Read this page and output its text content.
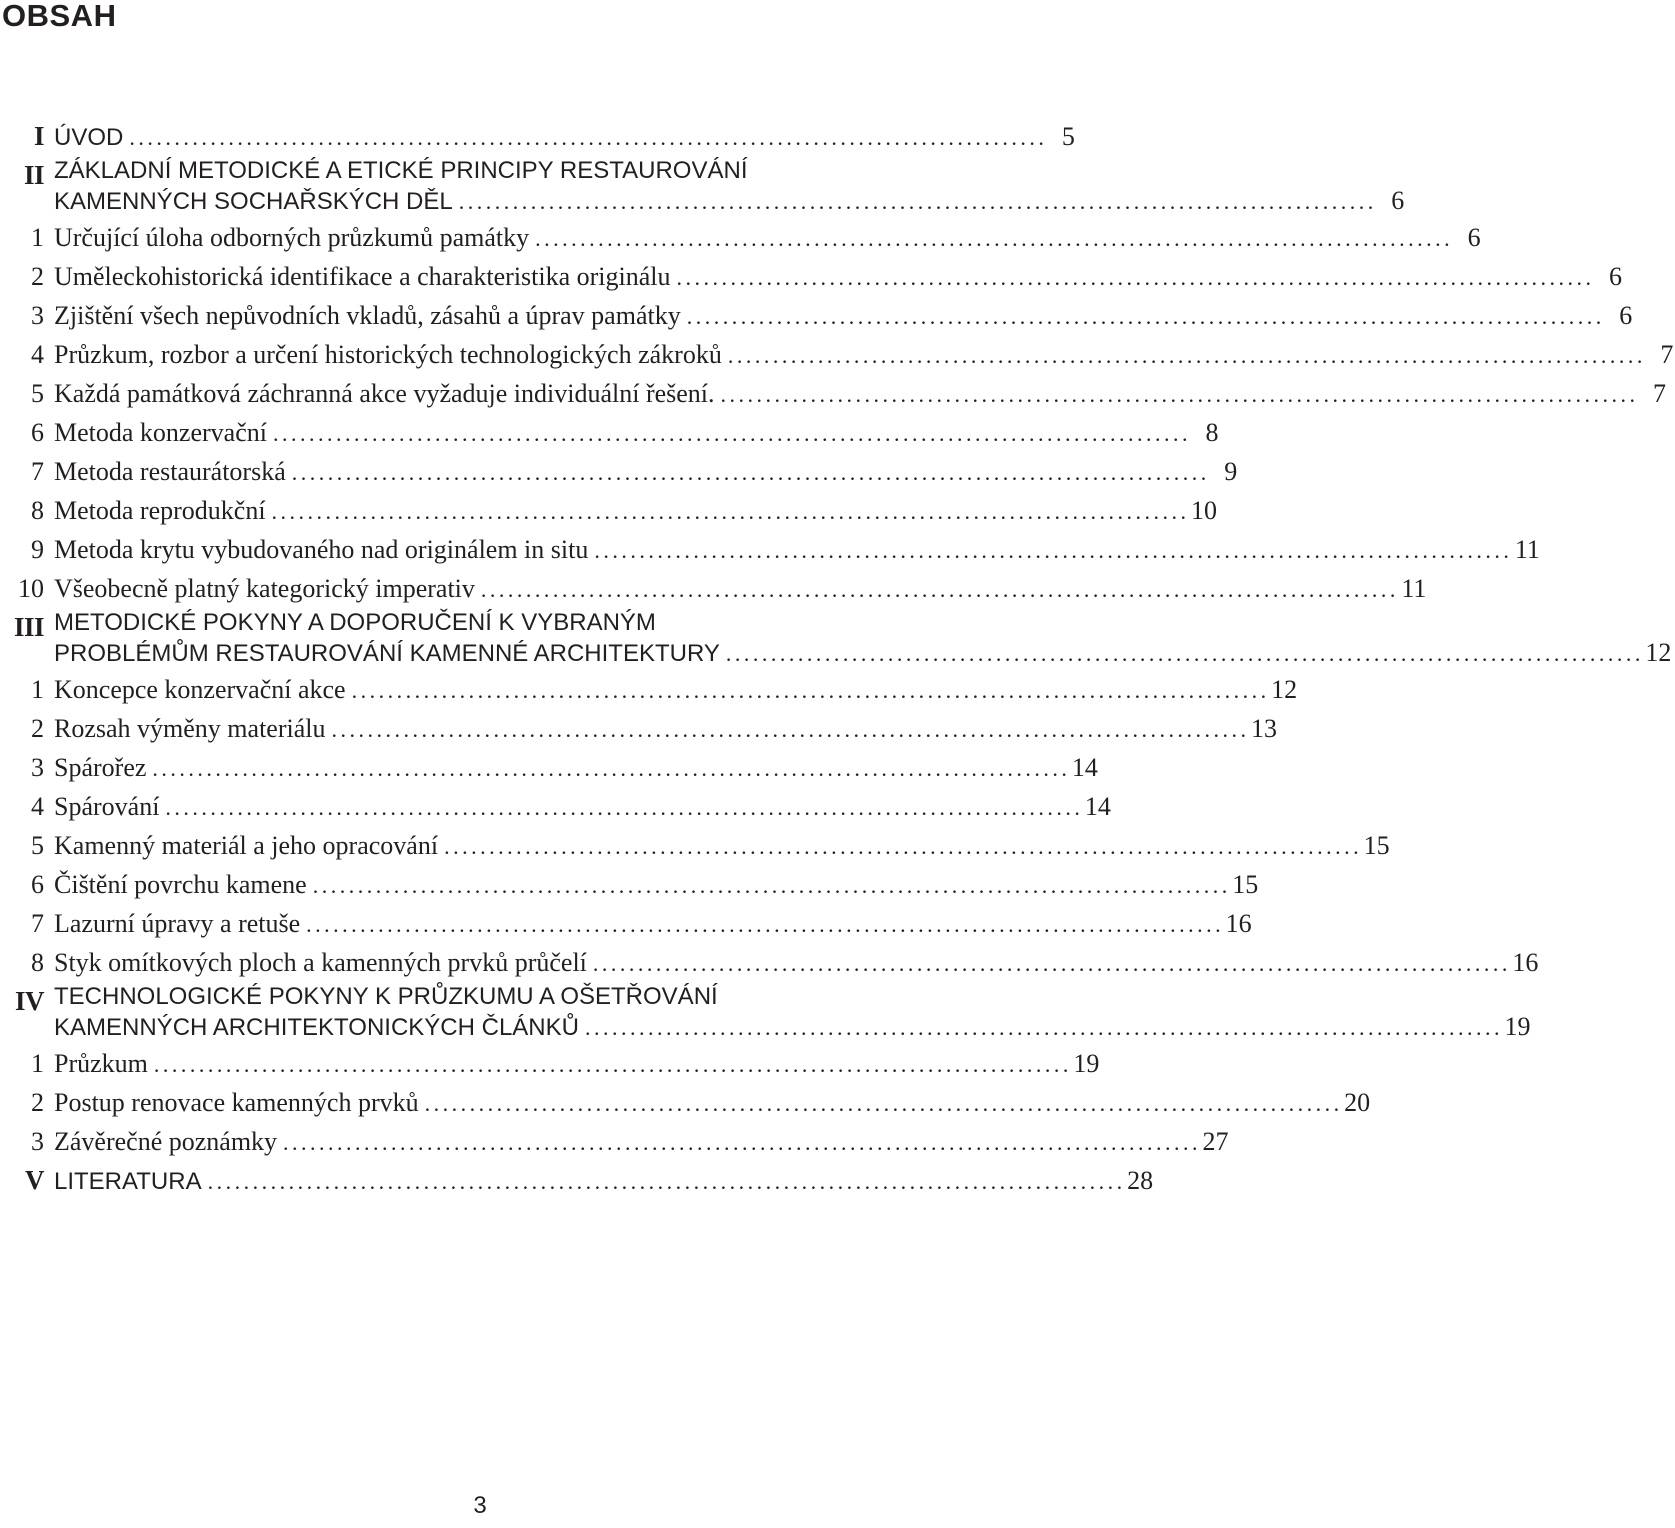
OBSAH
I ÚVOD . . .	5
II ZÁKLADNÍ METODICKÉ A ETICKÉ PRINCIPY RESTAUROVÁNÍ
KAMENNÝCH SOCHAŘSKÝCH DĚL . . .	6
1 Určující úloha odborných průzkumů památky . . .	6
2 Uměleckohistorická identifikace a charakteristika originálu . . .	6
3 Zjištění všech nepůvodních vkladů, zásahů a úprav památky . . .	6
4 Průzkum, rozbor a určení historických technologických zákroků . . .	7
5 Každá památková záchranná akce vyžaduje individuální řešení. . . .	7
6 Metoda konzervační . . .	8
7 Metoda restaurátorská . . .	9
8 Metoda reprodukční . . .	10
9 Metoda krytu vybudovaného nad originálem in situ . . .	11
10 Všeobecně platný kategorický imperativ . . .	11
III METODICKÉ POKYNY A DOPORUČENÍ K VYBRANÝM
PROBLÉMŮM RESTAUROVÁNÍ KAMENNÉ ARCHITEKTURY . . .	12
1 Koncepce konzervační akce . . .	12
2 Rozsah výměny materiálu . . .	13
3 Spárořez . . .	14
4 Spárování . . .	14
5 Kamenný materiál a jeho opracování . . .	15
6 Čištění povrchu kamene . . .	15
7 Lazurní úpravy a retuše . . .	16
8 Styk omítkových ploch a kamenných prvků průčelí . . .	16
IV TECHNOLOGICKÉ POKYNY K PRŮZKUMU A OŠETŘOVÁNÍ
KAMENNÝCH ARCHITEKTONICKÝCH ČLÁNKŮ . . .	19
1 Průzkum . . .	19
2 Postup renovace kamenných prvků . . .	20
3 Závěrečné poznámky . . .	27
V LITERATURA . . .	28
3
